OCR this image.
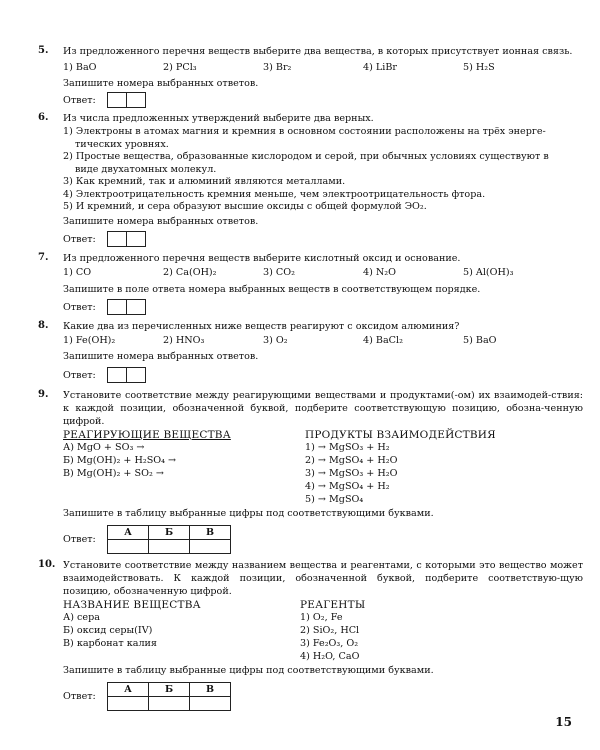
5. Из предложенного перечня веществ выберите два вещества, в которых присутствует ионная связь.
1) BaO	2) PCl₃	3) Br₂	4) LiBr	5) H₂S
Запишите номера выбранных ответов.
Ответ:
6. Из числа предложенных утверждений выберите два верных.
1) Электроны в атомах магния и кремния в основном состоянии расположены на трёх энерге-
тических уровнях.
2) Простые вещества, образованные кислородом и серой, при обычных условиях существуют в
виде двухатомных молекул.
3) Как кремний, так и алюминий являются металлами.
4) Электроотрицательность кремния меньше, чем электроотрицательность фтора.
5) И кремний, и сера образуют высшие оксиды с общей формулой ЭО₂.
Запишите номера выбранных ответов.
Ответ:
7. Из предложенного перечня веществ выберите кислотный оксид и основание.
1) CO	2) Ca(OH)₂	3) CO₂	4) N₂O	5) Al(OH)₃
Запишите в поле ответа номера выбранных веществ в соответствующем порядке.
Ответ:
8. Какие два из перечисленных ниже веществ реагируют с оксидом алюминия?
1) Fe(OH)₂	2) HNO₃	3) O₂	4) BaCl₂	5) BaO
Запишите номера выбранных ответов.
Ответ:
9. Установите соответствие между реагирующими веществами и продуктами(-ом) их взаимодей-ствия: к каждой позиции, обозначенной буквой, подберите соответствующую позицию, обозна-ченную цифрой.
РЕАГИРУЮЩИЕ ВЕЩЕСТВА
А) MgO + SO₃ →
Б) Mg(OH)₂ + H₂SO₄ →
В) Mg(OH)₂ + SO₂ →
ПРОДУКТЫ ВЗАИМОДЕЙСТВИЯ
1) → MgSO₃ + H₂
2) → MgSO₄ + H₂O
3) → MgSO₃ + H₂O
4) → MgSO₄ + H₂
5) → MgSO₄
Запишите в таблицу выбранные цифры под соответствующими буквами.
Ответ:
А	Б	В

10. Установите соответствие между названием вещества и реагентами, с которыми это вещество может взаимодействовать. К каждой позиции, обозначенной буквой, подберите соответствую-щую позицию, обозначенную цифрой.
НАЗВАНИЕ ВЕЩЕСТВА
А) сера
Б) оксид серы(IV)
В) карбонат калия
РЕАГЕНТЫ
1) O₂, Fe
2) SiO₂, HCl
3) Fe₂O₃, O₂
4) H₂O, CaO
Запишите в таблицу выбранные цифры под соответствующими буквами.
Ответ:
А	Б	В

15
